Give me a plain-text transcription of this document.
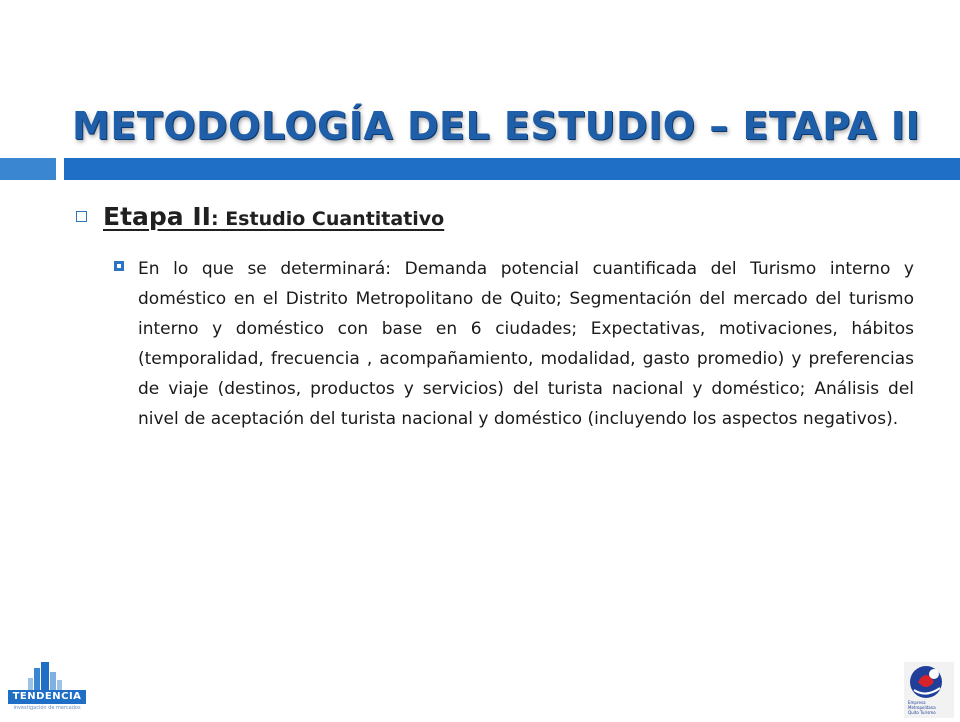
METODOLOGÍA DEL ESTUDIO – ETAPA II
Etapa II: Estudio Cuantitativo
En lo que se determinará: Demanda potencial cuantificada del Turismo interno y doméstico en el Distrito Metropolitano de Quito; Segmentación del mercado del turismo interno y doméstico con base en 6 ciudades; Expectativas, motivaciones, hábitos (temporalidad, frecuencia , acompañamiento, modalidad, gasto promedio) y preferencias de viaje (destinos, productos y servicios) del turista nacional y doméstico; Análisis del nivel de aceptación del turista nacional y doméstico (incluyendo los aspectos negativos).
TENDENCIA
investigación de mercados
Empresa
Metropolitana
Quito Turismo
